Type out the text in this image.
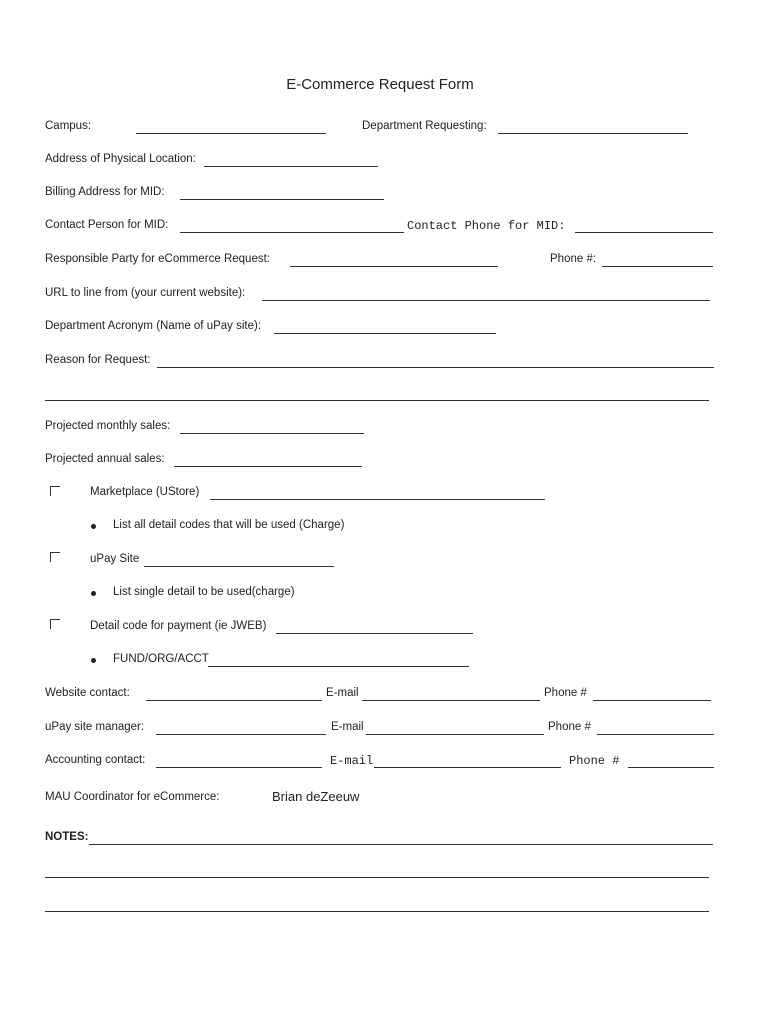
E-Commerce Request Form
Campus:	Department Requesting:
Address of Physical Location:
Billing Address for MID:
Contact Person for MID:	Contact Phone for MID:
Responsible Party for eCommerce Request:	Phone #:
URL to line from (your current website):
Department Acronym (Name of uPay site):
Reason for Request:
Projected monthly sales:
Projected annual sales:
Marketplace (UStore)
List all detail codes that will be used (Charge)
uPay Site
List single detail to be used(charge)
Detail code for payment (ie JWEB)
FUND/ORG/ACCT
Website contact:	E-mail	Phone #
uPay site manager:	E-mail	Phone #
Accounting contact:	E-mail	Phone #
MAU Coordinator for eCommerce:	Brian deZeeuw
NOTES:
